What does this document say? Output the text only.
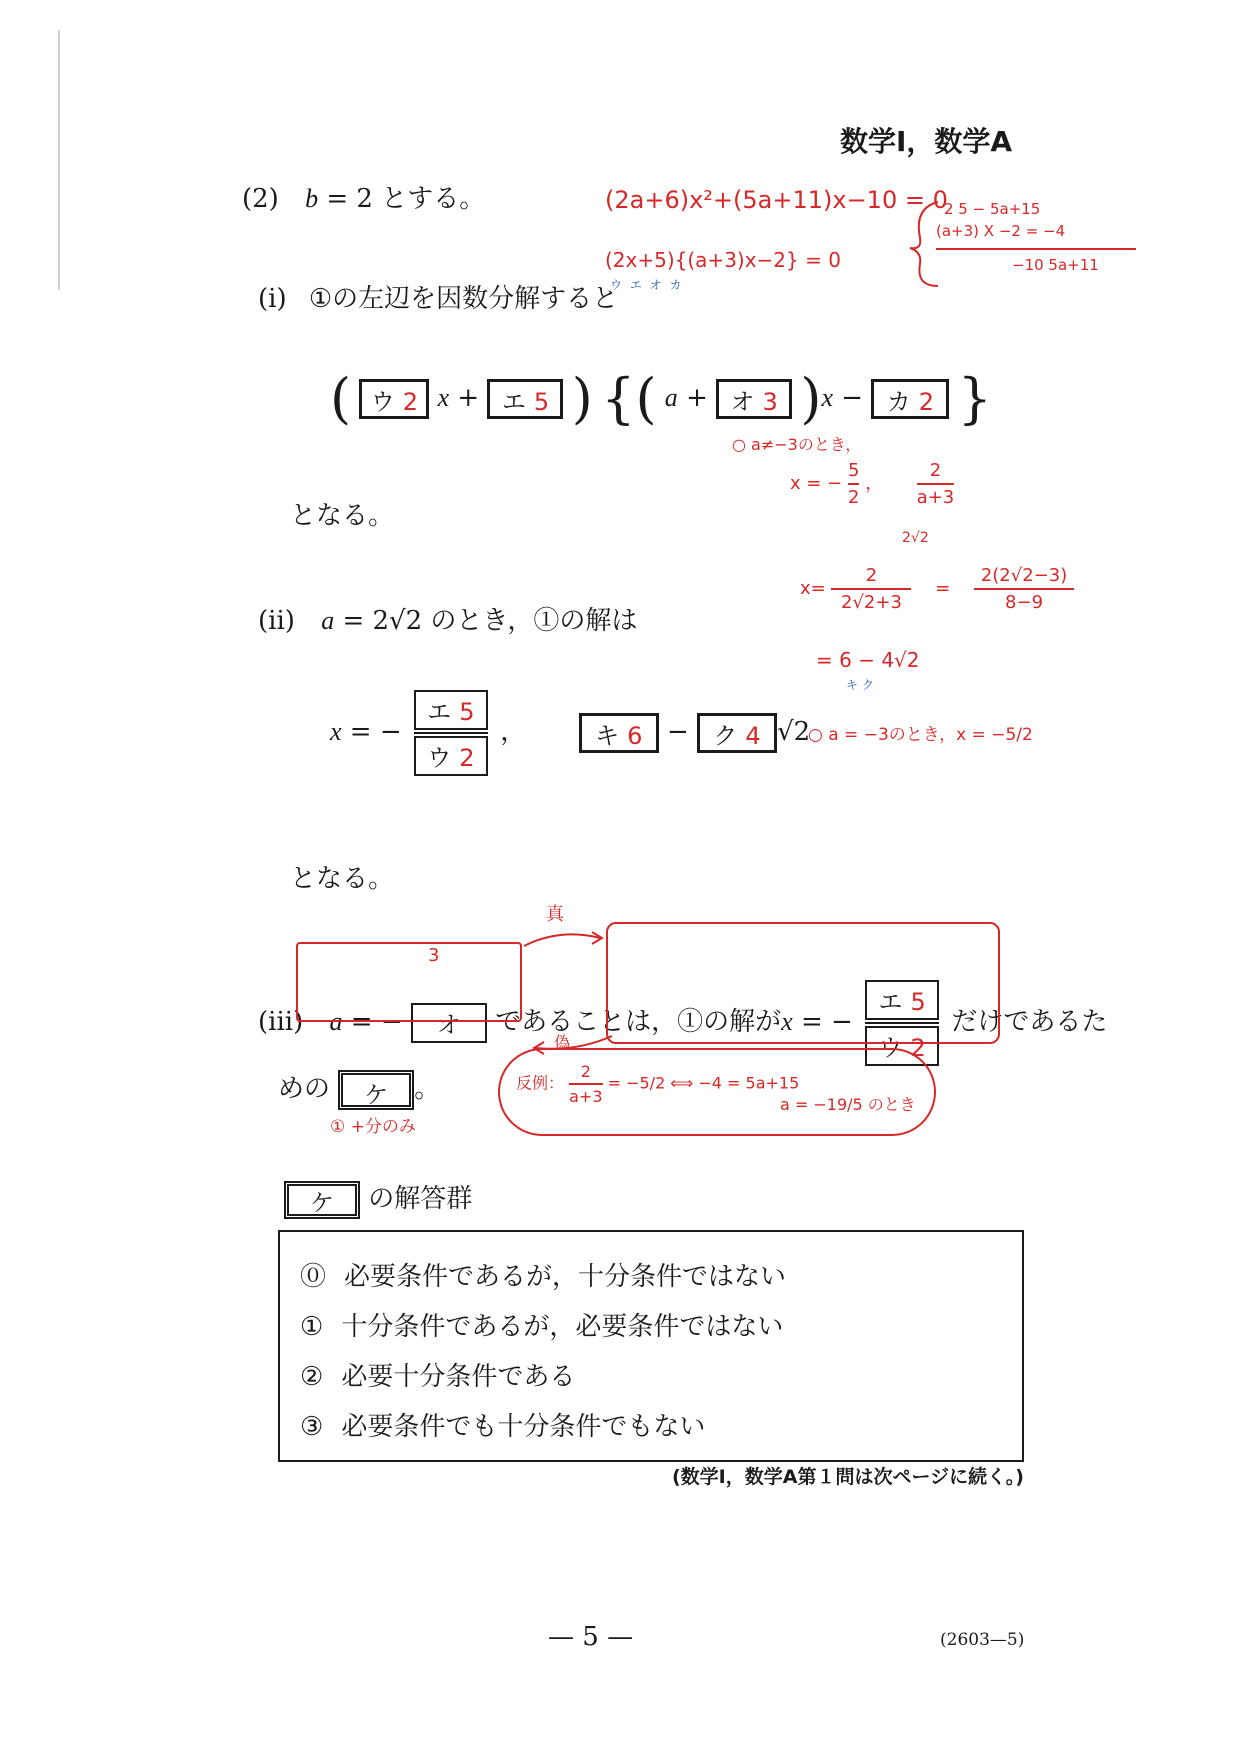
数学Ⅰ，数学A
(2) b = 2 とする。
(i) ①の左辺を因数分解すると
( ウ 2 x + エ 5 ) {( a + オ 3 )x − カ 2 }
となる。
(ii) a = 2√2 のとき，①の解は
x = − $\frac{\text{エ 5}}{\text{ウ 2}}$ ，	キ 6 − ク 4 √2
となる。
(iii) a = − オ であることは，①の解がx = − $\frac{\text{エ 5}}{\text{ウ 2}}$ だけであるた
めの ケ 。
ケ の解答群
⓪ 必要条件であるが，十分条件ではない
① 十分条件であるが，必要条件ではない
② 必要十分条件である
③ 必要条件でも十分条件でもない
(数学Ⅰ，数学A第１問は次ページに続く。)
— 5 —	(2603—5)
(2a+6)x²+(5a+11)x−10 = 0
(2x+5){(a+3)x−2} = 0
ウ エ オ カ
2 5 − 5a+15
(a+3) X −2 = −4
−10 5a+11
○ a≠−3のとき，
x = − $\frac{5}{2}$ ， $\frac{2}{a+3}$
2√2
$x= \frac{2}{2√2+3} = \frac{2(2√2-3)}{8-9}$
= 6 − 4√2
キ ク
○ a = −3のとき，x = −5/2
3
真
偽
反例： $\frac{2}{a+3} = -5/2$ ⟺ −4 = 5a+15
a = −19/5 のとき
① +分のみ
